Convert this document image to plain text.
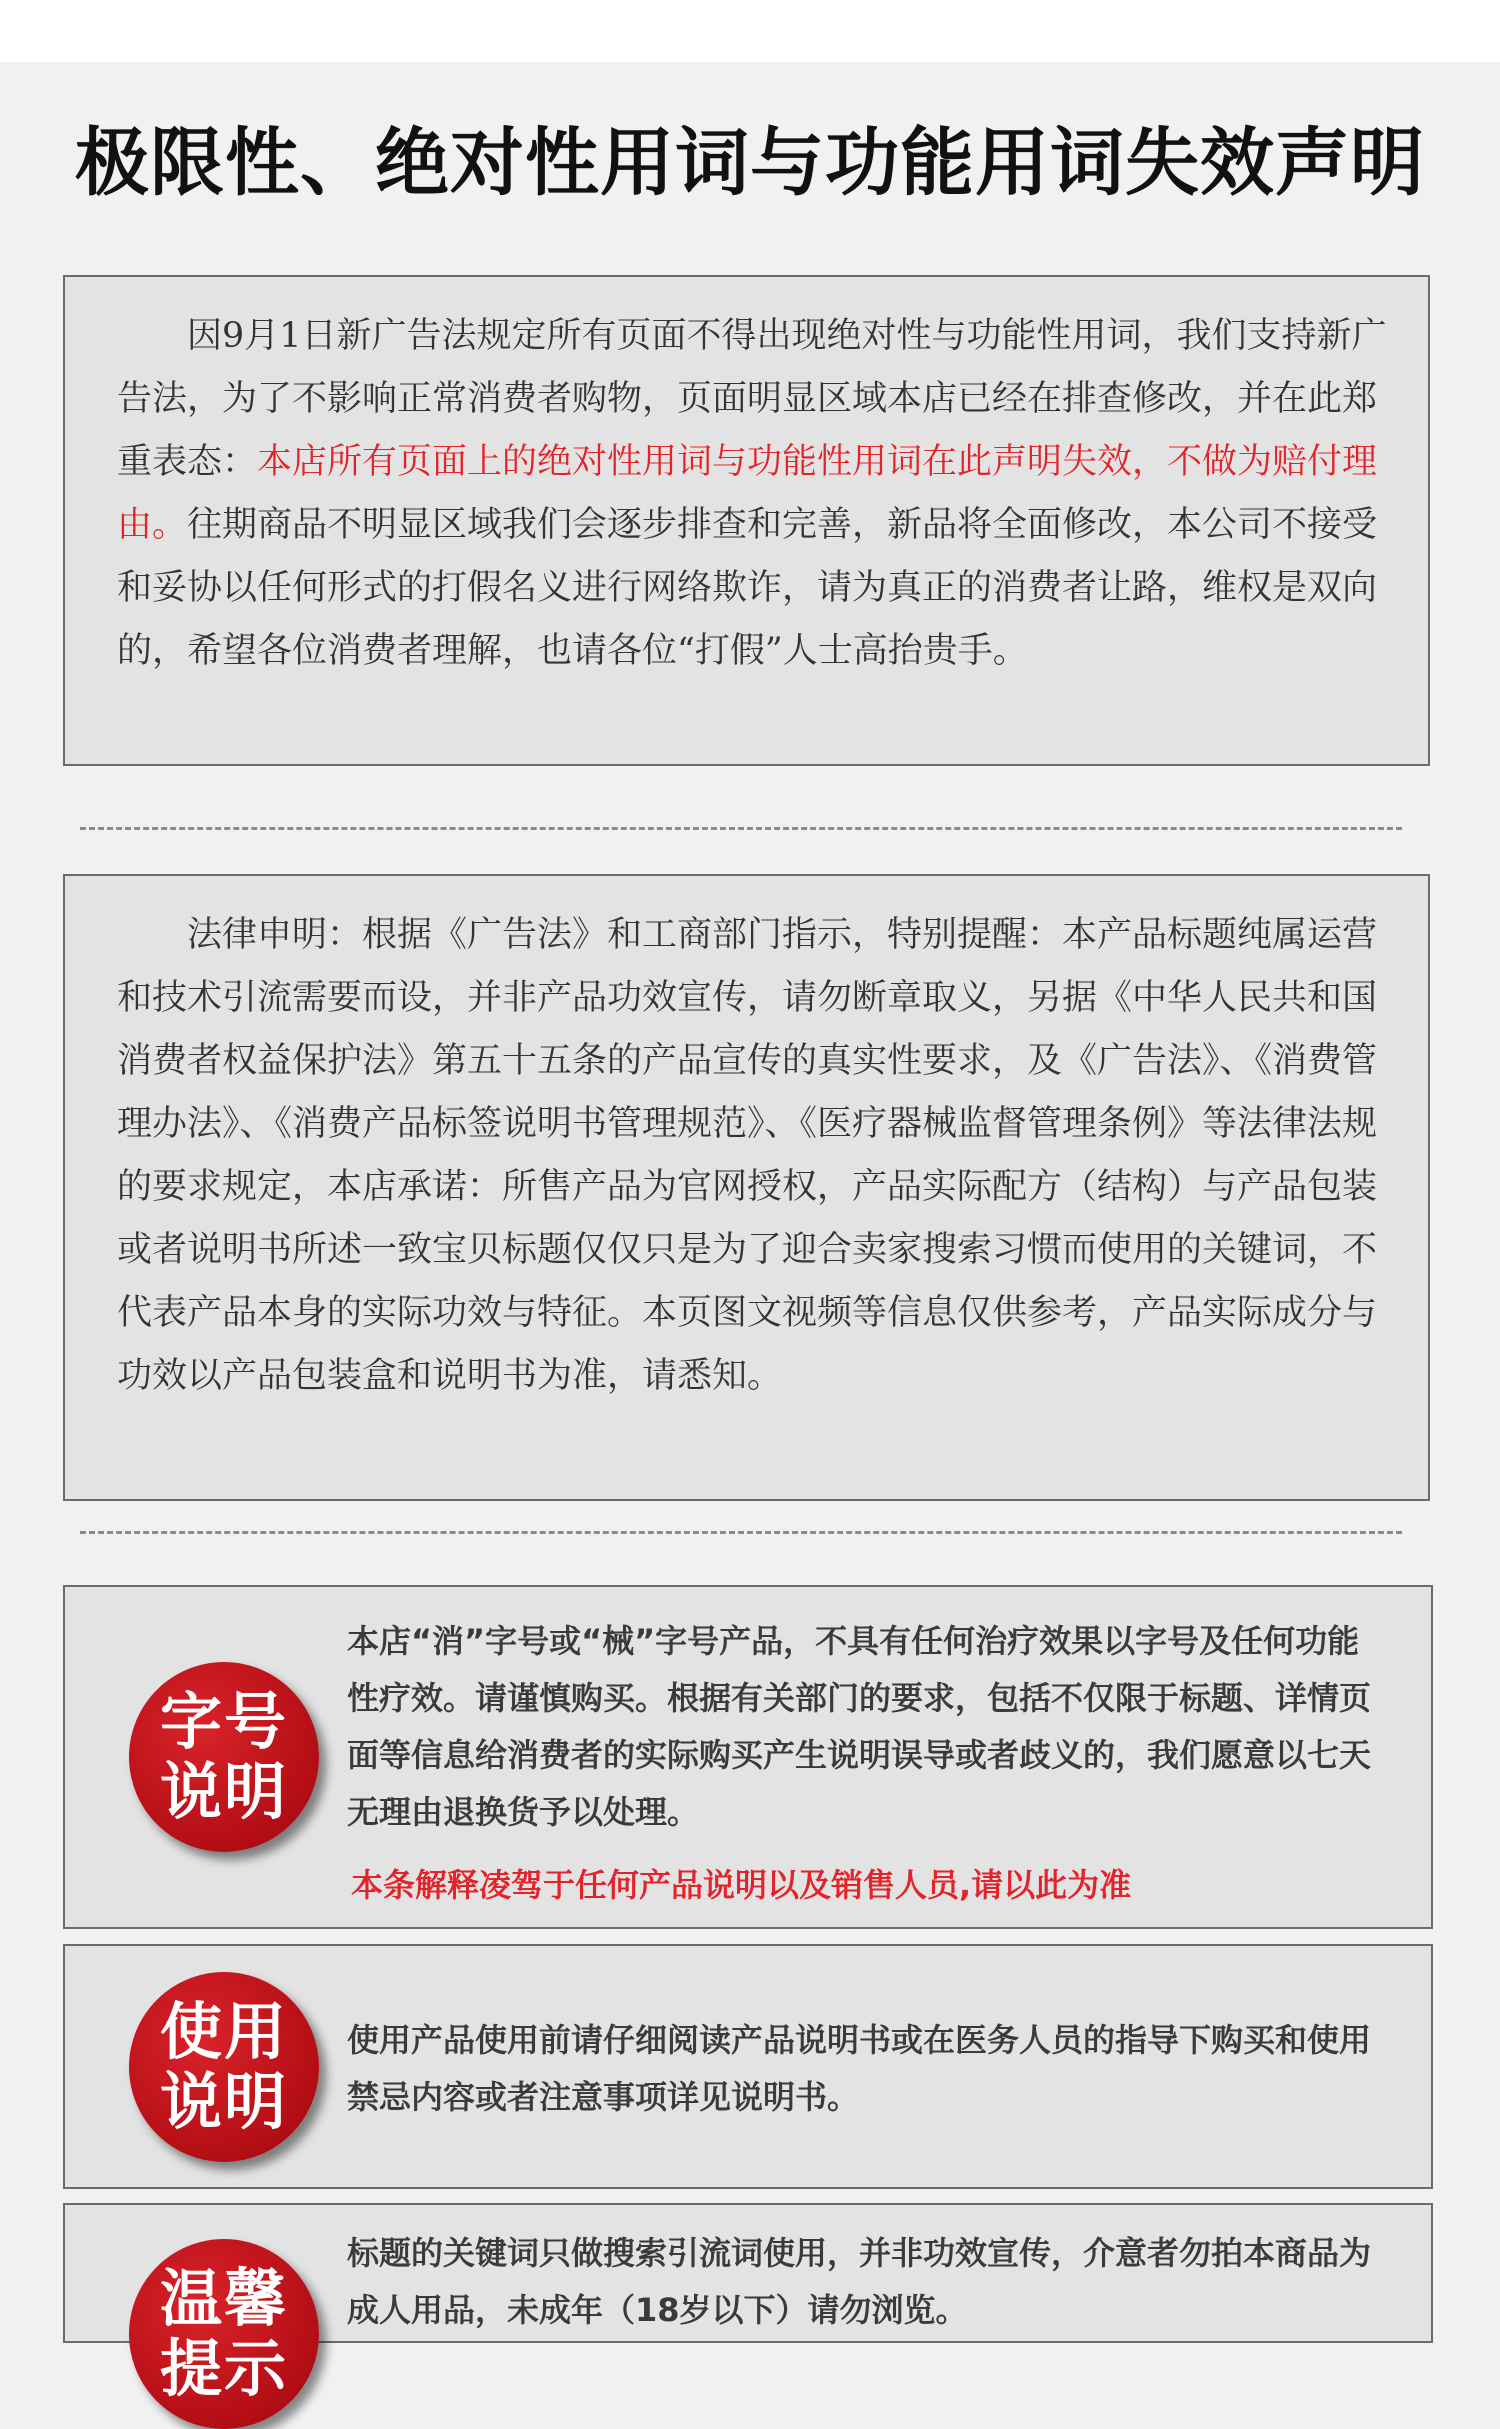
极限性、绝对性用词与功能用词失效声明

因9月1日新广告法规定所有页面不得出现绝对性与功能性用词，我们支持新广告法，为了不影响正常消费者购物，页面明显区域本店已经在排查修改，并在此郑重表态：本店所有页面上的绝对性用词与功能性用词在此声明失效，不做为赔付理由。往期商品不明显区域我们会逐步排查和完善，新品将全面修改，本公司不接受和妥协以任何形式的打假名义进行网络欺诈，请为真正的消费者让路，维权是双向的，希望各位消费者理解，也请各位“打假”人士高抬贵手。

法律申明：根据《广告法》和工商部门指示，特别提醒：本产品标题纯属运营和技术引流需要而设，并非产品功效宣传，请勿断章取义，另据《中华人民共和国消费者权益保护法》第五十五条的产品宣传的真实性要求，及《广告法》、《消费管理办法》、《消费产品标签说明书管理规范》、《医疗器械监督管理条例》等法律法规的要求规定，本店承诺：所售产品为官网授权，产品实际配方（结构）与产品包装或者说明书所述一致宝贝标题仅仅只是为了迎合卖家搜索习惯而使用的关键词，不代表产品本身的实际功效与特征。本页图文视频等信息仅供参考，产品实际成分与功效以产品包装盒和说明书为准，请悉知。

字号
说明
本店“消”字号或“械”字号产品，不具有任何治疗效果以字号及任何功能性疗效。请谨慎购买。根据有关部门的要求，包括不仅限于标题、详情页面等信息给消费者的实际购买产生说明误导或者歧义的，我们愿意以七天无理由退换货予以处理。
本条解释凌驾于任何产品说明以及销售人员,请以此为准
使用
说明
使用产品使用前请仔细阅读产品说明书或在医务人员的指导下购买和使用禁忌内容或者注意事项详见说明书。
温馨
提示
标题的关键词只做搜索引流词使用，并非功效宣传，介意者勿拍本商品为成人用品，未成年（18岁以下）请勿浏览。
